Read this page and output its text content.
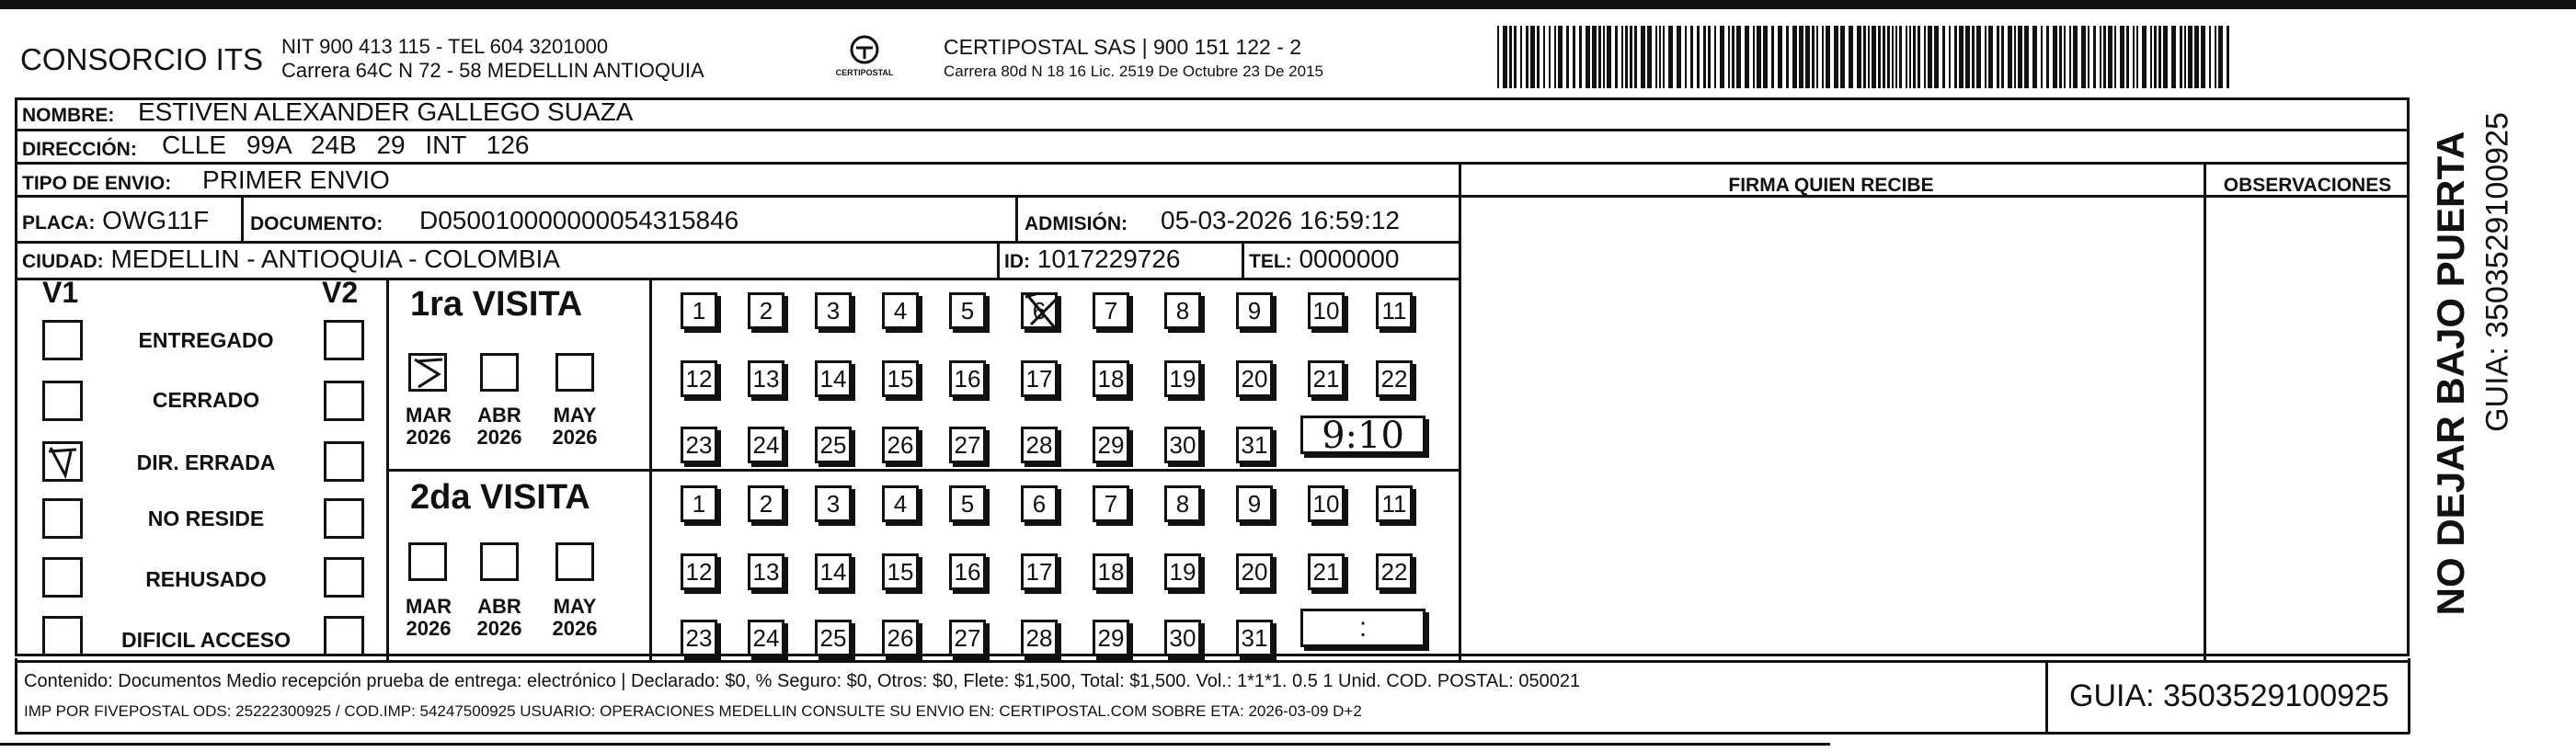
CONSORCIO ITS NIT 900 413 115 - TEL 604 3201000
Carrera 64C N 72 - 58 MEDELLIN ANTIOQUIA	CERTIPOSTAL
CERTIPOSTAL SAS | 900 151 122 - 2
Carrera 80d N 18 16 Lic. 2519 De Octubre 23 De 2015
NOMBRE: ESTIVEN ALEXANDER GALLEGO SUAZA
DIRECCIÓN: CLLE 99A 24B 29 INT 126
TIPO DE ENVIO: PRIMER ENVIO	FIRMA QUIEN RECIBE	OBSERVACIONES
PLACA: OWG11F DOCUMENTO: D050010000000054315846	ADMISIÓN: 05-03-2026 16:59:12
CIUDAD: MEDELLIN - ANTIOQUIA - COLOMBIA	ID: 1017229726	TEL: 0000000
V1	V2
ENTREGADO
CERRADO
DIR. ERRADA
NO RESIDE
REHUSADO
DIFICIL ACCESO
1ra VISITA
MAR
2026
ABR
2026
MAY
2026
2da VISITA
MAR
2026
ABR
2026
MAY
2026
1	2	3	4	5	6	7	8	9	10 11
12 13 14 15 16 17 18 19 20 21 22
23 24 25 26 27 28 29 30 31
1	2	3	4	5	6	7	8	9	10 11
12 13 14 15 16 17 18 19 20 21 22
23 24 25 26 27 28 29 30 31
9:10
:
NO DEJAR BAJO PUERTA GUIA: 3503529100925
Contenido: Documentos Medio recepción prueba de entrega: electrónico | Declarado: $0, % Seguro: $0, Otros: $0, Flete: $1,500, Total: $1,500. Vol.: 1*1*1. 0.5 1 Unid. COD. POSTAL: 050021
IMP POR FIVEPOSTAL ODS: 25222300925 / COD.IMP: 54247500925 USUARIO: OPERACIONES MEDELLIN CONSULTE SU ENVIO EN: CERTIPOSTAL.COM SOBRE ETA: 2026-03-09 D+2	GUIA: 3503529100925
